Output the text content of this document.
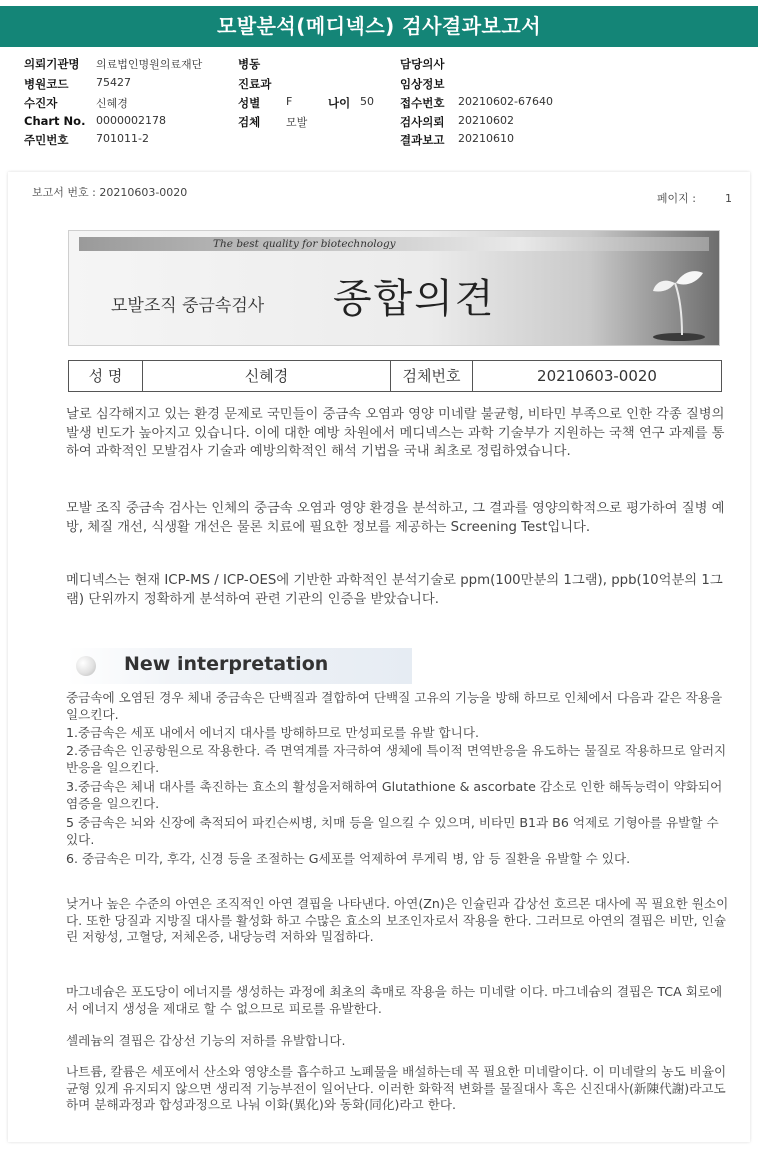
모발분석(메디넥스) 검사결과보고서
의뢰기관명 의료법인명원의료재단	병동	담당의사
병원코드	75427	진료과	임상정보
수진자	신혜경	성별 F	나이 50 접수번호 20210602-67640
Chart No. 0000002178	검체 모발	검사의뢰 20210602
주민번호	701011-2	결과보고 20210610
보고서 번호 : 20210603-0020	페이지 :	1
The best quality for biotechnology
모발조직 중금속검사 종합의견
성 명	신혜경	검체번호	20210603-0020
날로 심각해지고 있는 환경 문제로 국민들이 중금속 오염과 영양 미네랄 불균형, 비타민 부족으로 인한 각종 질병의 발생 빈도가 높아지고 있습니다. 이에 대한 예방 차원에서 메디넥스는 과학 기술부가 지원하는 국책 연구 과제를 통하여 과학적인 모발검사 기술과 예방의학적인 해석 기법을 국내 최초로 정립하였습니다.
모발 조직 중금속 검사는 인체의 중금속 오염과 영양 환경을 분석하고, 그 결과를 영양의학적으로 평가하여 질병 예방, 체질 개선, 식생활 개선은 물론 치료에 필요한 정보를 제공하는 Screening Test입니다.
메디넥스는 현재 ICP-MS / ICP-OES에 기반한 과학적인 분석기술로 ppm(100만분의 1그램), ppb(10억분의 1그램) 단위까지 정확하게 분석하여 관련 기관의 인증을 받았습니다.
New interpretation
중금속에 오염된 경우 체내 중금속은 단백질과 결합하여 단백질 고유의 기능을 방해 하므로 인체에서 다음과 같은 작용을 일으킨다.
1.중금속은 세포 내에서 에너지 대사를 방해하므로 만성피로를 유발 합니다.
2.중금속은 인공항원으로 작용한다. 즉 면역계를 자극하여 생체에 특이적 면역반응을 유도하는 물질로 작용하므로 알러지 반응을 일으킨다.
3.중금속은 체내 대사를 촉진하는 효소의 활성을저해하여 Glutathione & ascorbate 감소로 인한 해독능력이 약화되어 염증을 일으킨다.
5 중금속은 뇌와 신장에 축적되어 파킨슨씨병, 치매 등을 일으킬 수 있으며, 비타민 B1과 B6 억제로 기형아를 유발할 수 있다.
6. 중금속은 미각, 후각, 신경 등을 조절하는 G세포를 억제하여 루게릭 병, 암 등 질환을 유발할 수 있다.
낮거나 높은 수준의 아연은 조직적인 아연 결핍을 나타낸다. 아연(Zn)은 인슐린과 갑상선 호르몬 대사에 꼭 필요한 원소이다. 또한 당질과 지방질 대사를 활성화 하고 수많은 효소의 보조인자로서 작용을 한다. 그러므로 아연의 결핍은 비만, 인슐린 저항성, 고혈당, 저체온증, 내당능력 저하와 밀접하다.
마그네슘은 포도당이 에너지를 생성하는 과정에 최초의 촉매로 작용을 하는 미네랄 이다. 마그네슘의 결핍은 TCA 회로에서 에너지 생성을 제대로 할 수 없으므로 피로를 유발한다.
셀레늄의 결핍은 갑상선 기능의 저하를 유발합니다.
나트륨, 칼륨은 세포에서 산소와 영양소를 흡수하고 노폐물을 배설하는데 꼭 필요한 미네랄이다. 이 미네랄의 농도 비율이 균형 있게 유지되지 않으면 생리적 기능부전이 일어난다. 이러한 화학적 변화를 물질대사 혹은 신진대사(新陳代謝)라고도 하며 분해과정과 합성과정으로 나눠 이화(異化)와 동화(同化)라고 한다.
